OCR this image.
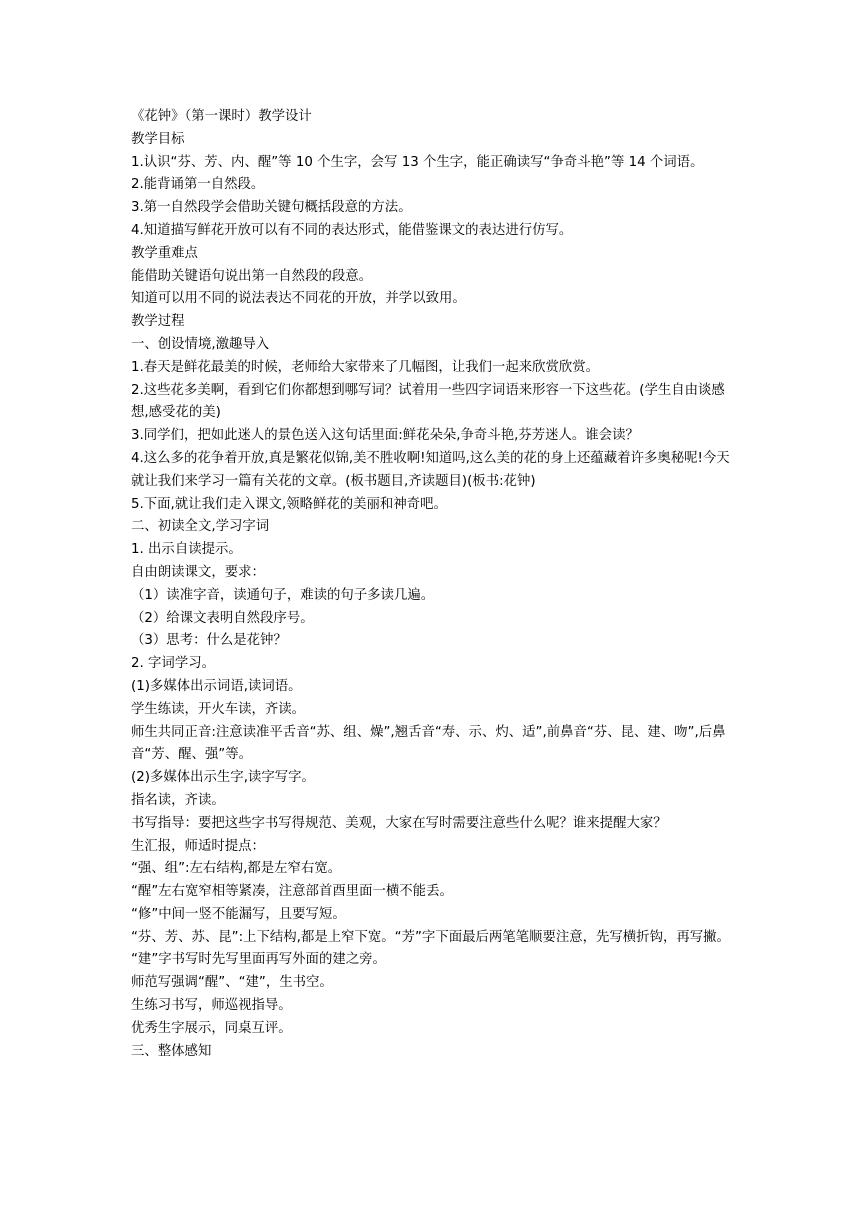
《花钟》（第一课时）教学设计

教学目标

1.认识“芬、芳、内、醒”等 10 个生字，会写 13 个生字，能正确读写“争奇斗艳”等 14 个词语。

2.能背诵第一自然段。

3.第一自然段学会借助关键句概括段意的方法。

4.知道描写鲜花开放可以有不同的表达形式，能借鉴课文的表达进行仿写。

教学重难点

能借助关键语句说出第一自然段的段意。

知道可以用不同的说法表达不同花的开放，并学以致用。

教学过程

一、创设情境,激趣导入

1.春天是鲜花最美的时候，老师给大家带来了几幅图，让我们一起来欣赏欣赏。

2.这些花多美啊，看到它们你都想到哪写词？试着用一些四字词语来形容一下这些花。(学生自由谈感想,感受花的美)

3.同学们，把如此迷人的景色送入这句话里面:鲜花朵朵,争奇斗艳,芬芳迷人。谁会读？

4.这么多的花争着开放,真是繁花似锦,美不胜收啊!知道吗,这么美的花的身上还蕴藏着许多奥秘呢!今天就让我们来学习一篇有关花的文章。(板书题目,齐读题目)(板书:花钟)

5.下面,就让我们走入课文,领略鲜花的美丽和神奇吧。

二、初读全文,学习字词

1. 出示自读提示。

自由朗读课文，要求：

（1）读准字音，读通句子，难读的句子多读几遍。

（2）给课文表明自然段序号。

（3）思考：什么是花钟？

2. 字词学习。

(1)多媒体出示词语,读词语。

学生练读，开火车读，齐读。

师生共同正音:注意读准平舌音“苏、组、燥”,翘舌音“寿、示、灼、适”,前鼻音“芬、昆、建、吻”,后鼻音“芳、醒、强”等。

(2)多媒体出示生字,读字写字。

指名读，齐读。

书写指导：要把这些字书写得规范、美观，大家在写时需要注意些什么呢？谁来提醒大家？

生汇报，师适时提点：

“强、组”:左右结构,都是左窄右宽。

“醒”左右宽窄相等紧凑，注意部首酉里面一横不能丢。

“修”中间一竖不能漏写，且要写短。

“芬、芳、苏、昆”:上下结构,都是上窄下宽。“芳”字下面最后两笔笔顺要注意，先写横折钩，再写撇。

“建”字书写时先写里面再写外面的建之旁。

师范写强调“醒”、“建”，生书空。

生练习书写，师巡视指导。

优秀生字展示，同桌互评。

三、整体感知
